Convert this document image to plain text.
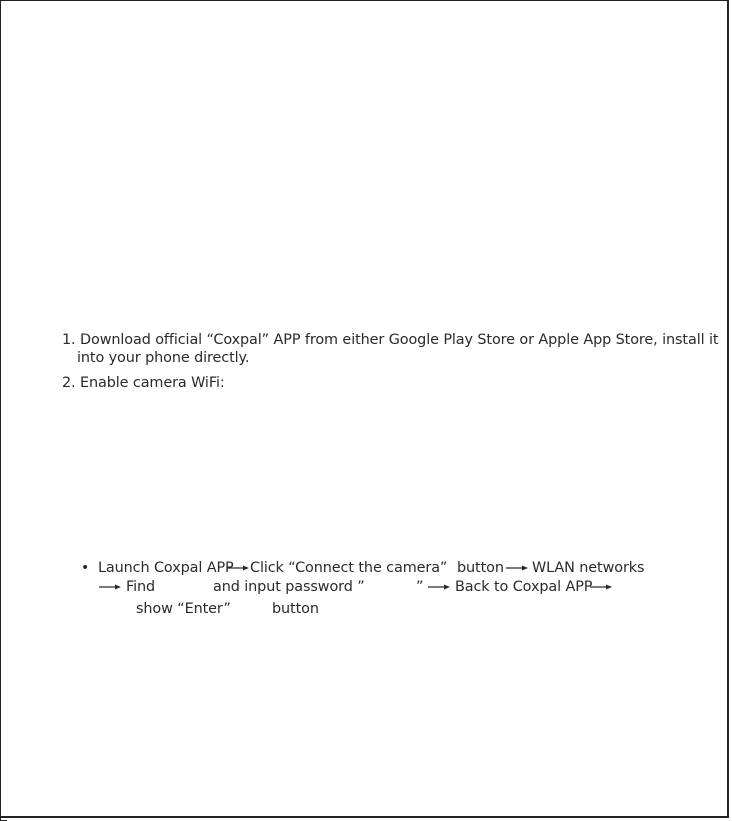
1. Download official “Coxpal” APP from either Google Play Store or Apple App Store, install it
into your phone directly.
2. Enable camera WiFi:
• Launch Coxpal APP Click “Connect the camera” button WLAN networks
Find	and input password ”	” Back to Coxpal APP
show “Enter”	button
